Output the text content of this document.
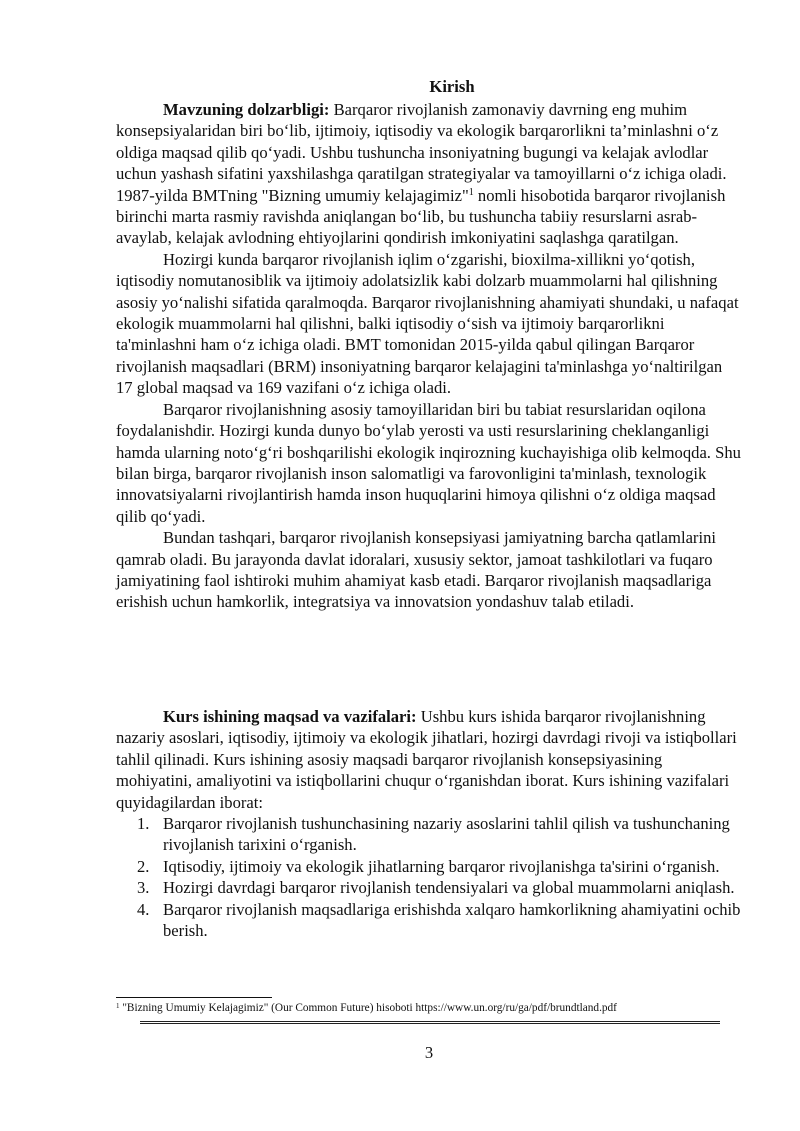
Kirish

Mavzuning dolzarbligi: Barqaror rivojlanish zamonaviy davrning eng muhim konsepsiyalaridan biri bo‘lib, ijtimoiy, iqtisodiy va ekologik barqarorlikni ta’minlashni o‘z oldiga maqsad qilib qo‘yadi. Ushbu tushuncha insoniyatning bugungi va kelajak avlodlar uchun yashash sifatini yaxshilashga qaratilgan strategiyalar va tamoyillarni o‘z ichiga oladi. 1987-yilda BMTning "Bizning umumiy kelajagimiz"$^1$ nomli hisobotida barqaror rivojlanish birinchi marta rasmiy ravishda aniqlangan bo‘lib, bu tushuncha tabiiy resurslarni asrab-avaylab, kelajak avlodning ehtiyojlarini qondirish imkoniyatini saqlashga qaratilgan.

Hozirgi kunda barqaror rivojlanish iqlim o‘zgarishi, bioxilma-xillikni yo‘qotish, iqtisodiy nomutanosiblik va ijtimoiy adolatsizlik kabi dolzarb muammolarni hal qilishning asosiy yo‘nalishi sifatida qaralmoqda. Barqaror rivojlanishning ahamiyati shundaki, u nafaqat ekologik muammolarni hal qilishni, balki iqtisodiy o‘sish va ijtimoiy barqarorlikni ta'minlashni ham o‘z ichiga oladi. BMT tomonidan 2015-yilda qabul qilingan Barqaror rivojlanish maqsadlari (BRM) insoniyatning barqaror kelajagini ta'minlashga yo‘naltirilgan 17 global maqsad va 169 vazifani o‘z ichiga oladi.

Barqaror rivojlanishning asosiy tamoyillaridan biri bu tabiat resurslaridan oqilona foydalanishdir. Hozirgi kunda dunyo bo‘ylab yerosti va usti resurslarining cheklanganligi hamda ularning noto‘g‘ri boshqarilishi ekologik inqirozning kuchayishiga olib kelmoqda. Shu bilan birga, barqaror rivojlanish inson salomatligi va farovonligini ta'minlash, texnologik innovatsiyalarni rivojlantirish hamda inson huquqlarini himoya qilishni o‘z oldiga maqsad qilib qo‘yadi.

Bundan tashqari, barqaror rivojlanish konsepsiyasi jamiyatning barcha qatlamlarini qamrab oladi. Bu jarayonda davlat idoralari, xususiy sektor, jamoat tashkilotlari va fuqaro jamiyatining faol ishtiroki muhim ahamiyat kasb etadi. Barqaror rivojlanish maqsadlariga erishish uchun hamkorlik, integratsiya va innovatsion yondashuv talab etiladi.

Kurs ishining maqsad va vazifalari: Ushbu kurs ishida barqaror rivojlanishning nazariy asoslari, iqtisodiy, ijtimoiy va ekologik jihatlari, hozirgi davrdagi rivoji va istiqbollari tahlil qilinadi. Kurs ishining asosiy maqsadi barqaror rivojlanish konsepsiyasining mohiyatini, amaliyotini va istiqbollarini chuqur o‘rganishdan iborat. Kurs ishining vazifalari quyidagilardan iborat:

1. Barqaror rivojlanish tushunchasining nazariy asoslarini tahlil qilish va tushunchaning rivojlanish tarixini o‘rganish.
2. Iqtisodiy, ijtimoiy va ekologik jihatlarning barqaror rivojlanishga ta'sirini o‘rganish.
3. Hozirgi davrdagi barqaror rivojlanish tendensiyalari va global muammolarni aniqlash.
4. Barqaror rivojlanish maqsadlariga erishishda xalqaro hamkorlikning ahamiyatini ochib berish.
$^1$ "Bizning Umumiy Kelajagimiz" (Our Common Future) hisoboti https://www.un.org/ru/ga/pdf/brundtland.pdf
3
